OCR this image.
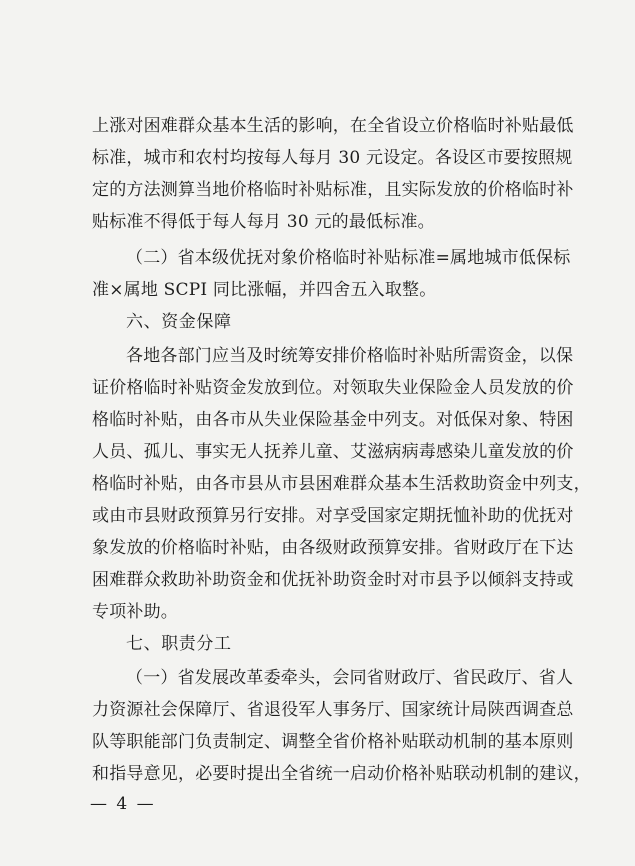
上涨对困难群众基本生活的影响，在全省设立价格临时补贴最低
标准，城市和农村均按每人每月 30 元设定。各设区市要按照规
定的方法测算当地价格临时补贴标准，且实际发放的价格临时补
贴标准不得低于每人每月 30 元的最低标准。
（二）省本级优抚对象价格临时补贴标准=属地城市低保标
准×属地 SCPI 同比涨幅，并四舍五入取整。
六、资金保障
各地各部门应当及时统筹安排价格临时补贴所需资金，以保
证价格临时补贴资金发放到位。对领取失业保险金人员发放的价
格临时补贴，由各市从失业保险基金中列支。对低保对象、特困
人员、孤儿、事实无人抚养儿童、艾滋病病毒感染儿童发放的价
格临时补贴，由各市县从市县困难群众基本生活救助资金中列支，
或由市县财政预算另行安排。对享受国家定期抚恤补助的优抚对
象发放的价格临时补贴，由各级财政预算安排。省财政厅在下达
困难群众救助补助资金和优抚补助资金时对市县予以倾斜支持或
专项补助。
七、职责分工
（一）省发展改革委牵头，会同省财政厅、省民政厅、省人
力资源社会保障厅、省退役军人事务厅、国家统计局陕西调查总
队等职能部门负责制定、调整全省价格补贴联动机制的基本原则
和指导意见，必要时提出全省统一启动价格补贴联动机制的建议，
— 4 —
